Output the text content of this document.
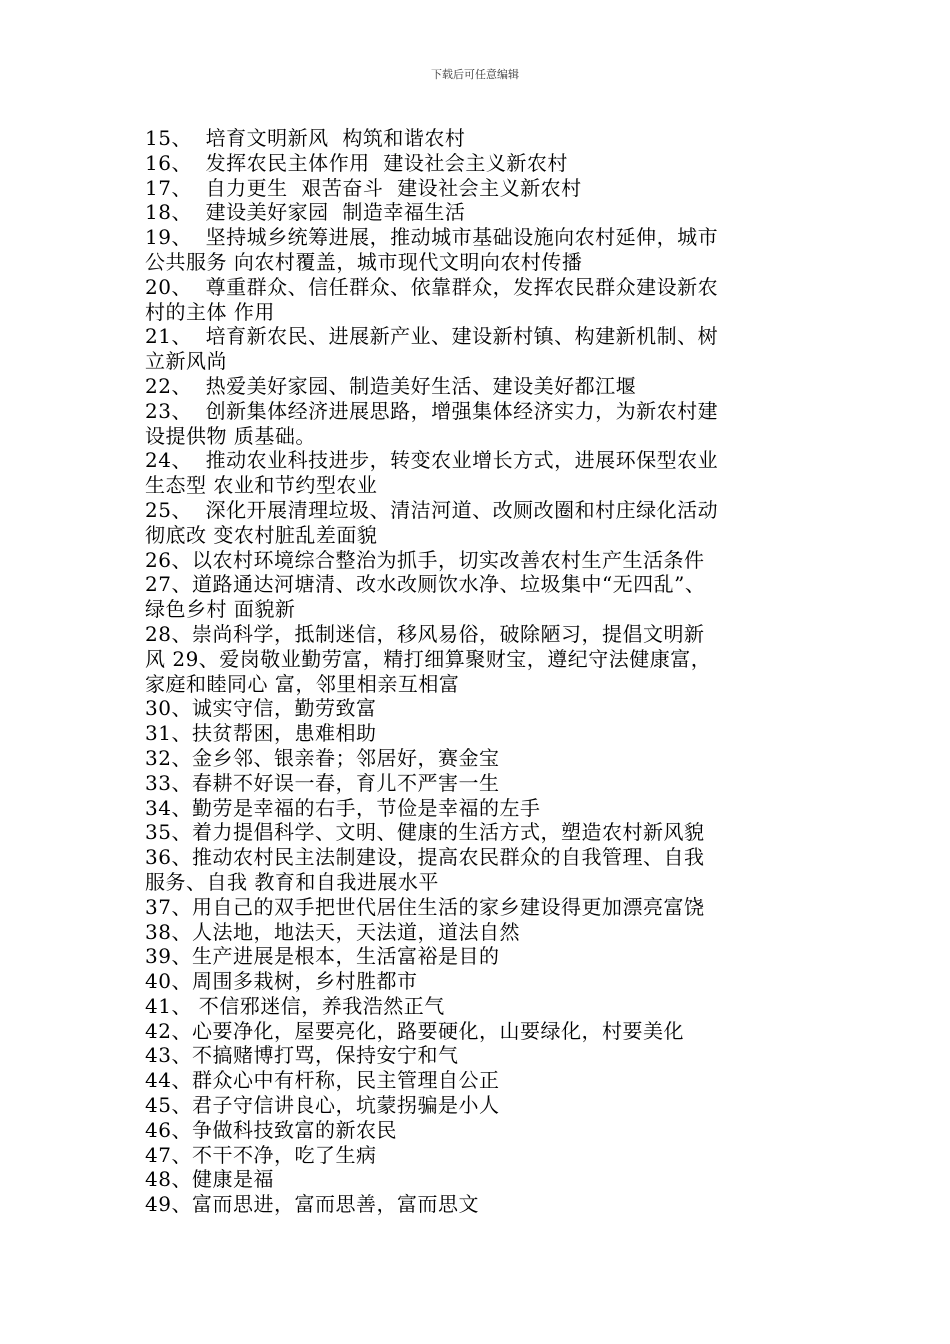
下载后可任意编辑
15、  培育文明新风  构筑和谐农村
16、  发挥农民主体作用  建设社会主义新农村
17、  自力更生  艰苦奋斗  建设社会主义新农村
18、  建设美好家园  制造幸福生活
19、  坚持城乡统筹进展，推动城市基础设施向农村延伸，城市
公共服务 向农村覆盖，城市现代文明向农村传播
20、  尊重群众、信任群众、依靠群众，发挥农民群众建设新农
村的主体 作用
21、  培育新农民、进展新产业、建设新村镇、构建新机制、树
立新风尚
22、  热爱美好家园、制造美好生活、建设美好都江堰
23、  创新集体经济进展思路，增强集体经济实力，为新农村建
设提供物 质基础。
24、  推动农业科技进步，转变农业增长方式，进展环保型农业
生态型 农业和节约型农业
25、  深化开展清理垃圾、清洁河道、改厕改圈和村庄绿化活动
彻底改 变农村脏乱差面貌
26、以农村环境综合整治为抓手，切实改善农村生产生活条件
27、道路通达河塘清、改水改厕饮水净、垃圾集中“无四乱”、
绿色乡村 面貌新
28、崇尚科学，抵制迷信，移风易俗，破除陋习，提倡文明新
风 29、爱岗敬业勤劳富，精打细算聚财宝，遵纪守法健康富，
家庭和睦同心 富，邻里相亲互相富
30、诚实守信，勤劳致富
31、扶贫帮困，患难相助
32、金乡邻、银亲眷；邻居好，赛金宝
33、春耕不好误一春，育儿不严害一生
34、勤劳是幸福的右手，节俭是幸福的左手
35、着力提倡科学、文明、健康的生活方式，塑造农村新风貌
36、推动农村民主法制建设，提高农民群众的自我管理、自我
服务、自我 教育和自我进展水平
37、用自己的双手把世代居住生活的家乡建设得更加漂亮富饶
38、人法地，地法天，天法道，道法自然
39、生产进展是根本，生活富裕是目的
40、周围多栽树，乡村胜都市
41、 不信邪迷信，养我浩然正气
42、心要净化，屋要亮化，路要硬化，山要绿化，村要美化
43、不搞赌博打骂，保持安宁和气
44、群众心中有杆称，民主管理自公正
45、君子守信讲良心，坑蒙拐骗是小人
46、争做科技致富的新农民
47、不干不净，吃了生病
48、健康是福
49、富而思进，富而思善，富而思文
